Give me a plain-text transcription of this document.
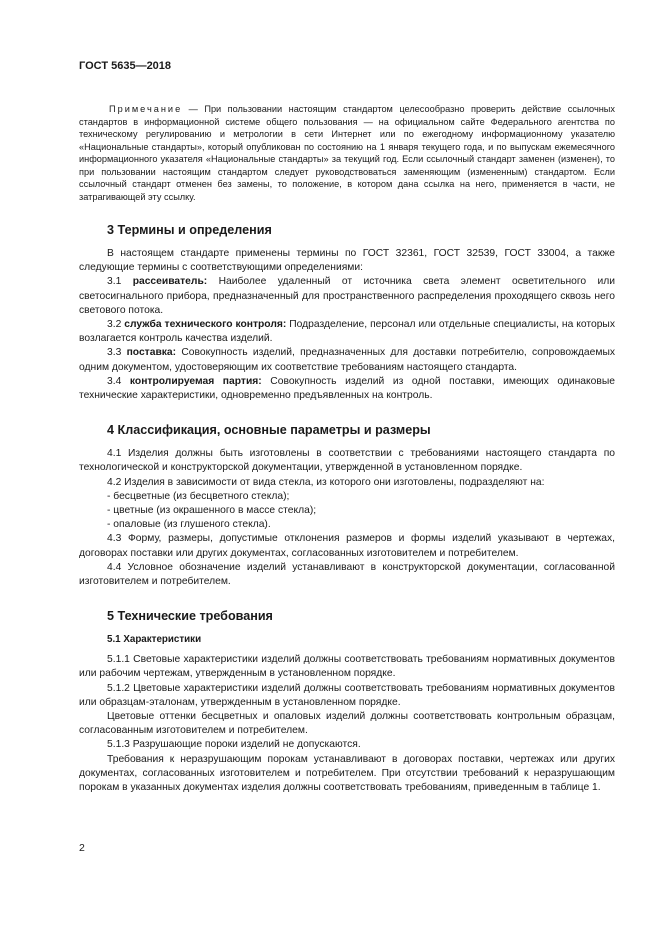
ГОСТ 5635—2018

Примечание — При пользовании настоящим стандартом целесообразно проверить действие ссылочных стандартов в информационной системе общего пользования — на официальном сайте Федерального агентства по техническому регулированию и метрологии в сети Интернет или по ежегодному информационному указателю «Национальные стандарты», который опубликован по состоянию на 1 января текущего года, и по выпускам ежемесячного информационного указателя «Национальные стандарты» за текущий год. Если ссылочный стандарт заменен (изменен), то при пользовании настоящим стандартом следует руководствоваться заменяющим (измененным) стандартом. Если ссылочный стандарт отменен без замены, то положение, в котором дана ссылка на него, применяется в части, не затрагивающей эту ссылку.

3 Термины и определения

В настоящем стандарте применены термины по ГОСТ 32361, ГОСТ 32539, ГОСТ 33004, а также следующие термины с соответствующими определениями:

3.1 рассеиватель: Наиболее удаленный от источника света элемент осветительного или светосигнального прибора, предназначенный для пространственного распределения проходящего сквозь него светового потока.

3.2 служба технического контроля: Подразделение, персонал или отдельные специалисты, на которых возлагается контроль качества изделий.

3.3 поставка: Совокупность изделий, предназначенных для доставки потребителю, сопровождаемых одним документом, удостоверяющим их соответствие требованиям настоящего стандарта.

3.4 контролируемая партия: Совокупность изделий из одной поставки, имеющих одинаковые технические характеристики, одновременно предъявленных на контроль.

4 Классификация, основные параметры и размеры

4.1 Изделия должны быть изготовлены в соответствии с требованиями настоящего стандарта по технологической и конструкторской документации, утвержденной в установленном порядке.

4.2 Изделия в зависимости от вида стекла, из которого они изготовлены, подразделяют на:

- бесцветные (из бесцветного стекла);

- цветные (из окрашенного в массе стекла);

- опаловые (из глушеного стекла).

4.3 Форму, размеры, допустимые отклонения размеров и формы изделий указывают в чертежах, договорах поставки или других документах, согласованных изготовителем и потребителем.

4.4 Условное обозначение изделий устанавливают в конструкторской документации, согласованной изготовителем и потребителем.

5 Технические требования
5.1 Характеристики

5.1.1 Световые характеристики изделий должны соответствовать требованиям нормативных документов или рабочим чертежам, утвержденным в установленном порядке.

5.1.2 Цветовые характеристики изделий должны соответствовать требованиям нормативных документов или образцам-эталонам, утвержденным в установленном порядке.

Цветовые оттенки бесцветных и опаловых изделий должны соответствовать контрольным образцам, согласованным изготовителем и потребителем.

5.1.3 Разрушающие пороки изделий не допускаются.

Требования к неразрушающим порокам устанавливают в договорах поставки, чертежах или других документах, согласованных изготовителем и потребителем. При отсутствии требований к неразрушающим порокам в указанных документах изделия должны соответствовать требованиям, приведенным в таблице 1.

2
